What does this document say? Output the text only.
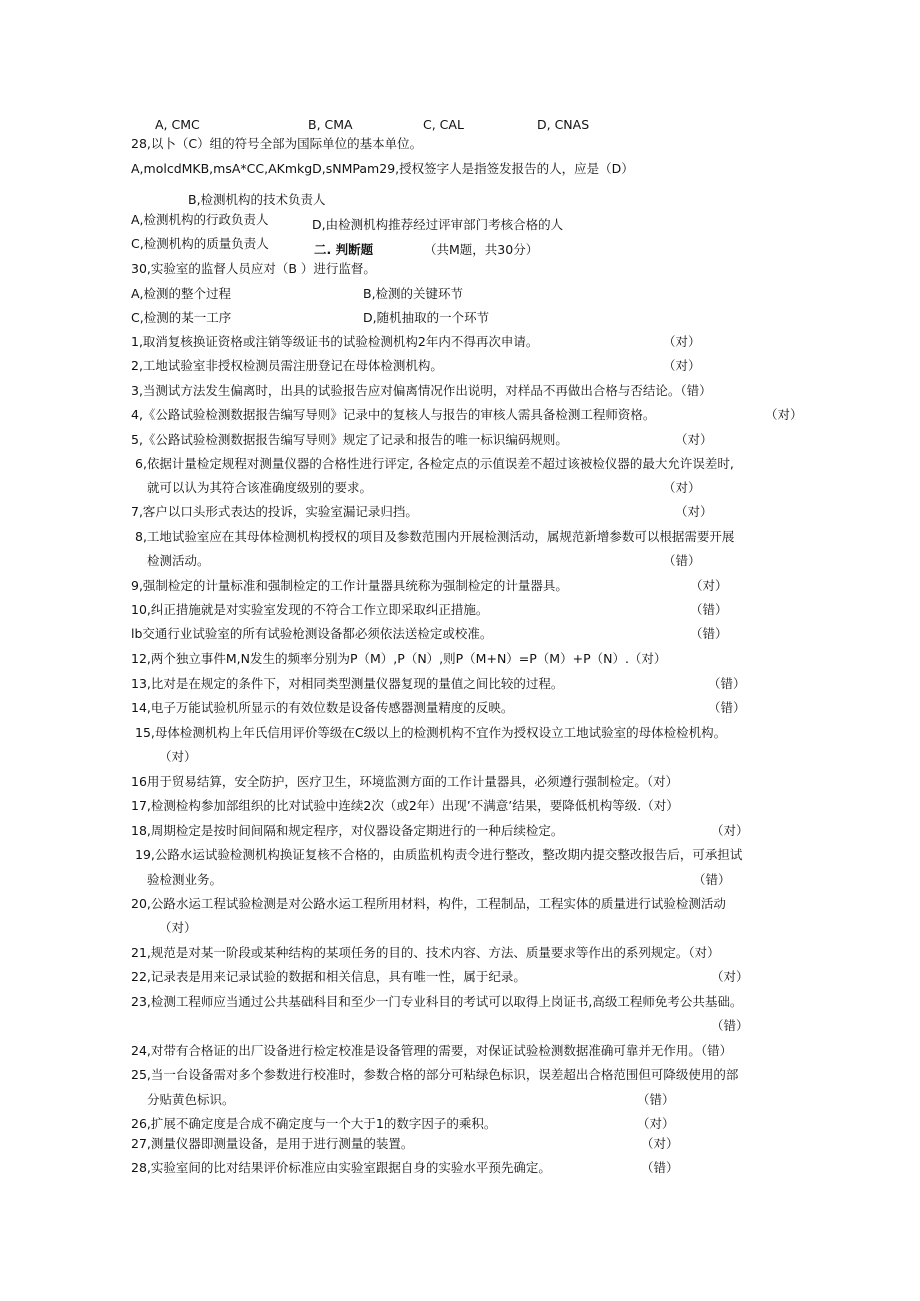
A, CMC	B, CMA	C, CAL	D, CNAS
28,以卜（C）组的符号全部为国际单位的基本单位。
A,molcdMKB,msA*CC,AKmkgD,sNMPam29,授权签字人是指签发报告的人，应是（D）
B,检测机构的技术负责人
A,检测机构的行政负责人	D,由检测机构推荐经过评审部门考核合格的人
C,检测机构的质量负责人	二. 判断题	（共M题，共30分）
30,实验室的监督人员应对（B ）进行监督。
A,检测的整个过程	B,检测的关键环节
C,检测的某一工序	D,随机抽取的一个环节
1,取消复核换证资格或注销等级证书的试验检测机构2年内不得再次申请。	（对）
2,工地试验室非授权检测员需注册登记在母体检测机构。	（对）
3,当测试方法发生偏离时，出具的试验报告应对偏离情况作出说明，对样品不再做出合格与否结论。（错）
4,《公路试验检测数据报告编写导则》记录中的复核人与报告的审核人需具备检测工程师资格。	（对）
5,《公路试验检测数据报告编写导则》规定了记录和报告的唯一标识编码规则。	（对）
6,依据计量检定规程对测量仪器的合格性进行评定, 各检定点的示值误差不超过该被检仪器的最大允许误差时,
就可以认为其符合该准确度级别的要求。	（对）
7,客户以口头形式表达的投诉，实验室漏记录归挡。	（对）
8,工地试验室应在其母体检测机构授权的项目及参数范围内开展检测活动，属规范新增参数可以根据需要开展
检测活动。	（错）
9,强制检定的计量标准和强制检定的工作计量器具统称为强制检定的计量器具。	（对）
10,纠正措施就是对实验室发现的不符合工作立即采取纠正措施。	（错）
lb交通行业试验室的所有试验枪测设备都必须依法送检定或校准。	（错）
12,两个独立事件M,N发生的频率分别为P（M）,P（N）,则P（M+N）=P（M）+P（N）.（对）
13,比对是在规定的条件下，对相同类型测量仪器复现的量值之间比较的过程。	（错）
14,电子万能试验机所显示的有效位数是设备传感器测量精度的反映。	（错）
15,母体检测机构上年氏信用评价等级在C级以上的检测机构不宜作为授权设立工地试验室的母体检检机构。
（对）
16用于贸易结算，安全防护，医疗卫生，环境监测方面的工作计量器具，必须遵行强制检定。（对）
17,检测检构参加部组织的比对试验中连续2次（或2年）出现’不满意’结果，要降低机构等级.（对）
18,周期检定是按时间间隔和规定程序，对仪器设备定期进行的一种后续检定。	（对）
19,公路水运试验检测机构换证复核不合格的，由质监机构责令进行整改，整改期内提交整改报告后，可承担试
验检测业务。	（错）
20,公路水运工程试验检测是对公路水运工程所用材料，构件，工程制品，工程实体的质量进行试验检测活动
（对）
21,规范是对某一阶段或某种结构的某项任务的目的、技术内容、方法、质量要求等作出的系列规定。（对）
22,记录表是用来记录试验的数据和相关信息，具有唯一性，属于纪录。	（对）
23,检测工程师应当通过公共基础科目和至少一门专业科目的考试可以取得上岗证书,高级工程师免考公共基础。
（错）
24,对带有合格证的出厂设备进行检定校准是设备管理的需要，对保证试验检测数据准确可靠并无作用。（错）
25,当一台设备需对多个参数进行校准时，参数合格的部分可粘绿色标识，误差超出合格范围但可降级使用的部
分贴黄色标识。	（错）
26,扩展不确定度是合成不确定度与一个大于1的数字因子的乘积。	（对）
27,测量仪器即测量设备，是用于进行测量的装置。	（对）
28,实验室间的比对结果评价标准应由实验室跟据自身的实验水平预先确定。	（错）
